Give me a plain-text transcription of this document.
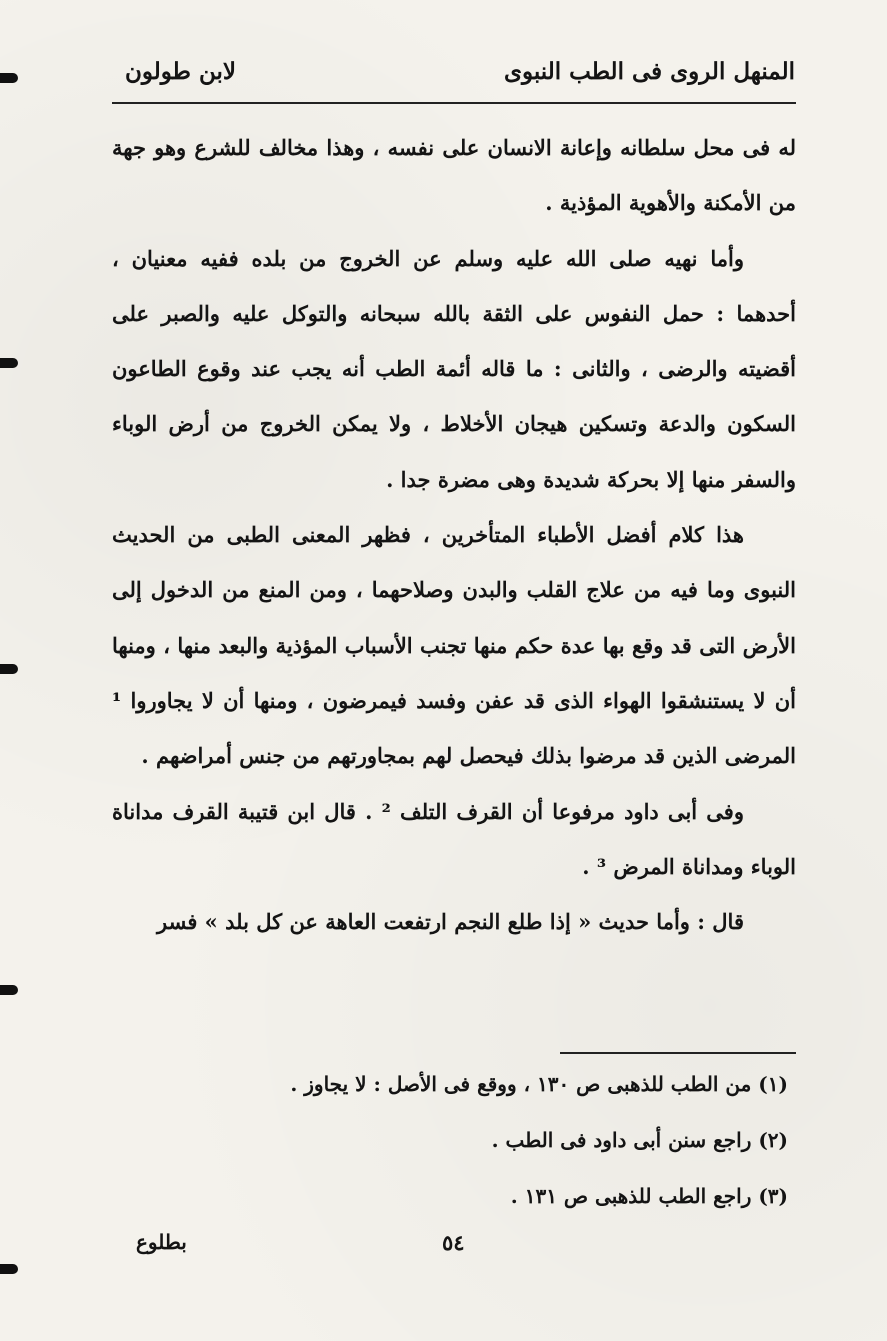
المنهل الروى فى الطب النبوى
لابن طولون

له فى محل سلطانه وإعانة الانسان على نفسه ، وهذا مخالف للشرع وهو جهة من الأمكنة والأهوية المؤذية .

وأما نهيه صلى الله عليه وسلم عن الخروج من بلده ففيه معنيان ، أحدهما : حمل النفوس على الثقة بالله سبحانه والتوكل عليه والصبر على أقضيته والرضى ، والثانى : ما قاله أئمة الطب أنه يجب عند وقوع الطاعون السكون والدعة وتسكين هيجان الأخلاط ، ولا يمكن الخروج من أرض الوباء والسفر منها إلا بحركة شديدة وهى مضرة جدا .

هذا كلام أفضل الأطباء المتأخرين ، فظهر المعنى الطبى من الحديث النبوى وما فيه من علاج القلب والبدن وصلاحهما ، ومن المنع من الدخول إلى الأرض التى قد وقع بها عدة حكم منها تجنب الأسباب المؤذية والبعد منها ، ومنها أن لا يستنشقوا الهواء الذى قد عفن وفسد فيمرضون ، ومنها أن لا يجاوروا ¹ المرضى الذين قد مرضوا بذلك فيحصل لهم بمجاورتهم من جنس أمراضهم .

وفى أبى داود مرفوعا أن القرف التلف ² . قال ابن قتيبة القرف مداناة الوباء ومداناة المرض ³ .

قال : وأما حديث « إذا طلع النجم ارتفعت العاهة عن كل بلد » فسر

(١) من الطب للذهبى ص ١٣٠ ، ووقع فى الأصل : لا يجاوز .

(٢) راجع سنن أبى داود فى الطب .

(٣) راجع الطب للذهبى ص ١٣١ .

٥٤
بطلوع
